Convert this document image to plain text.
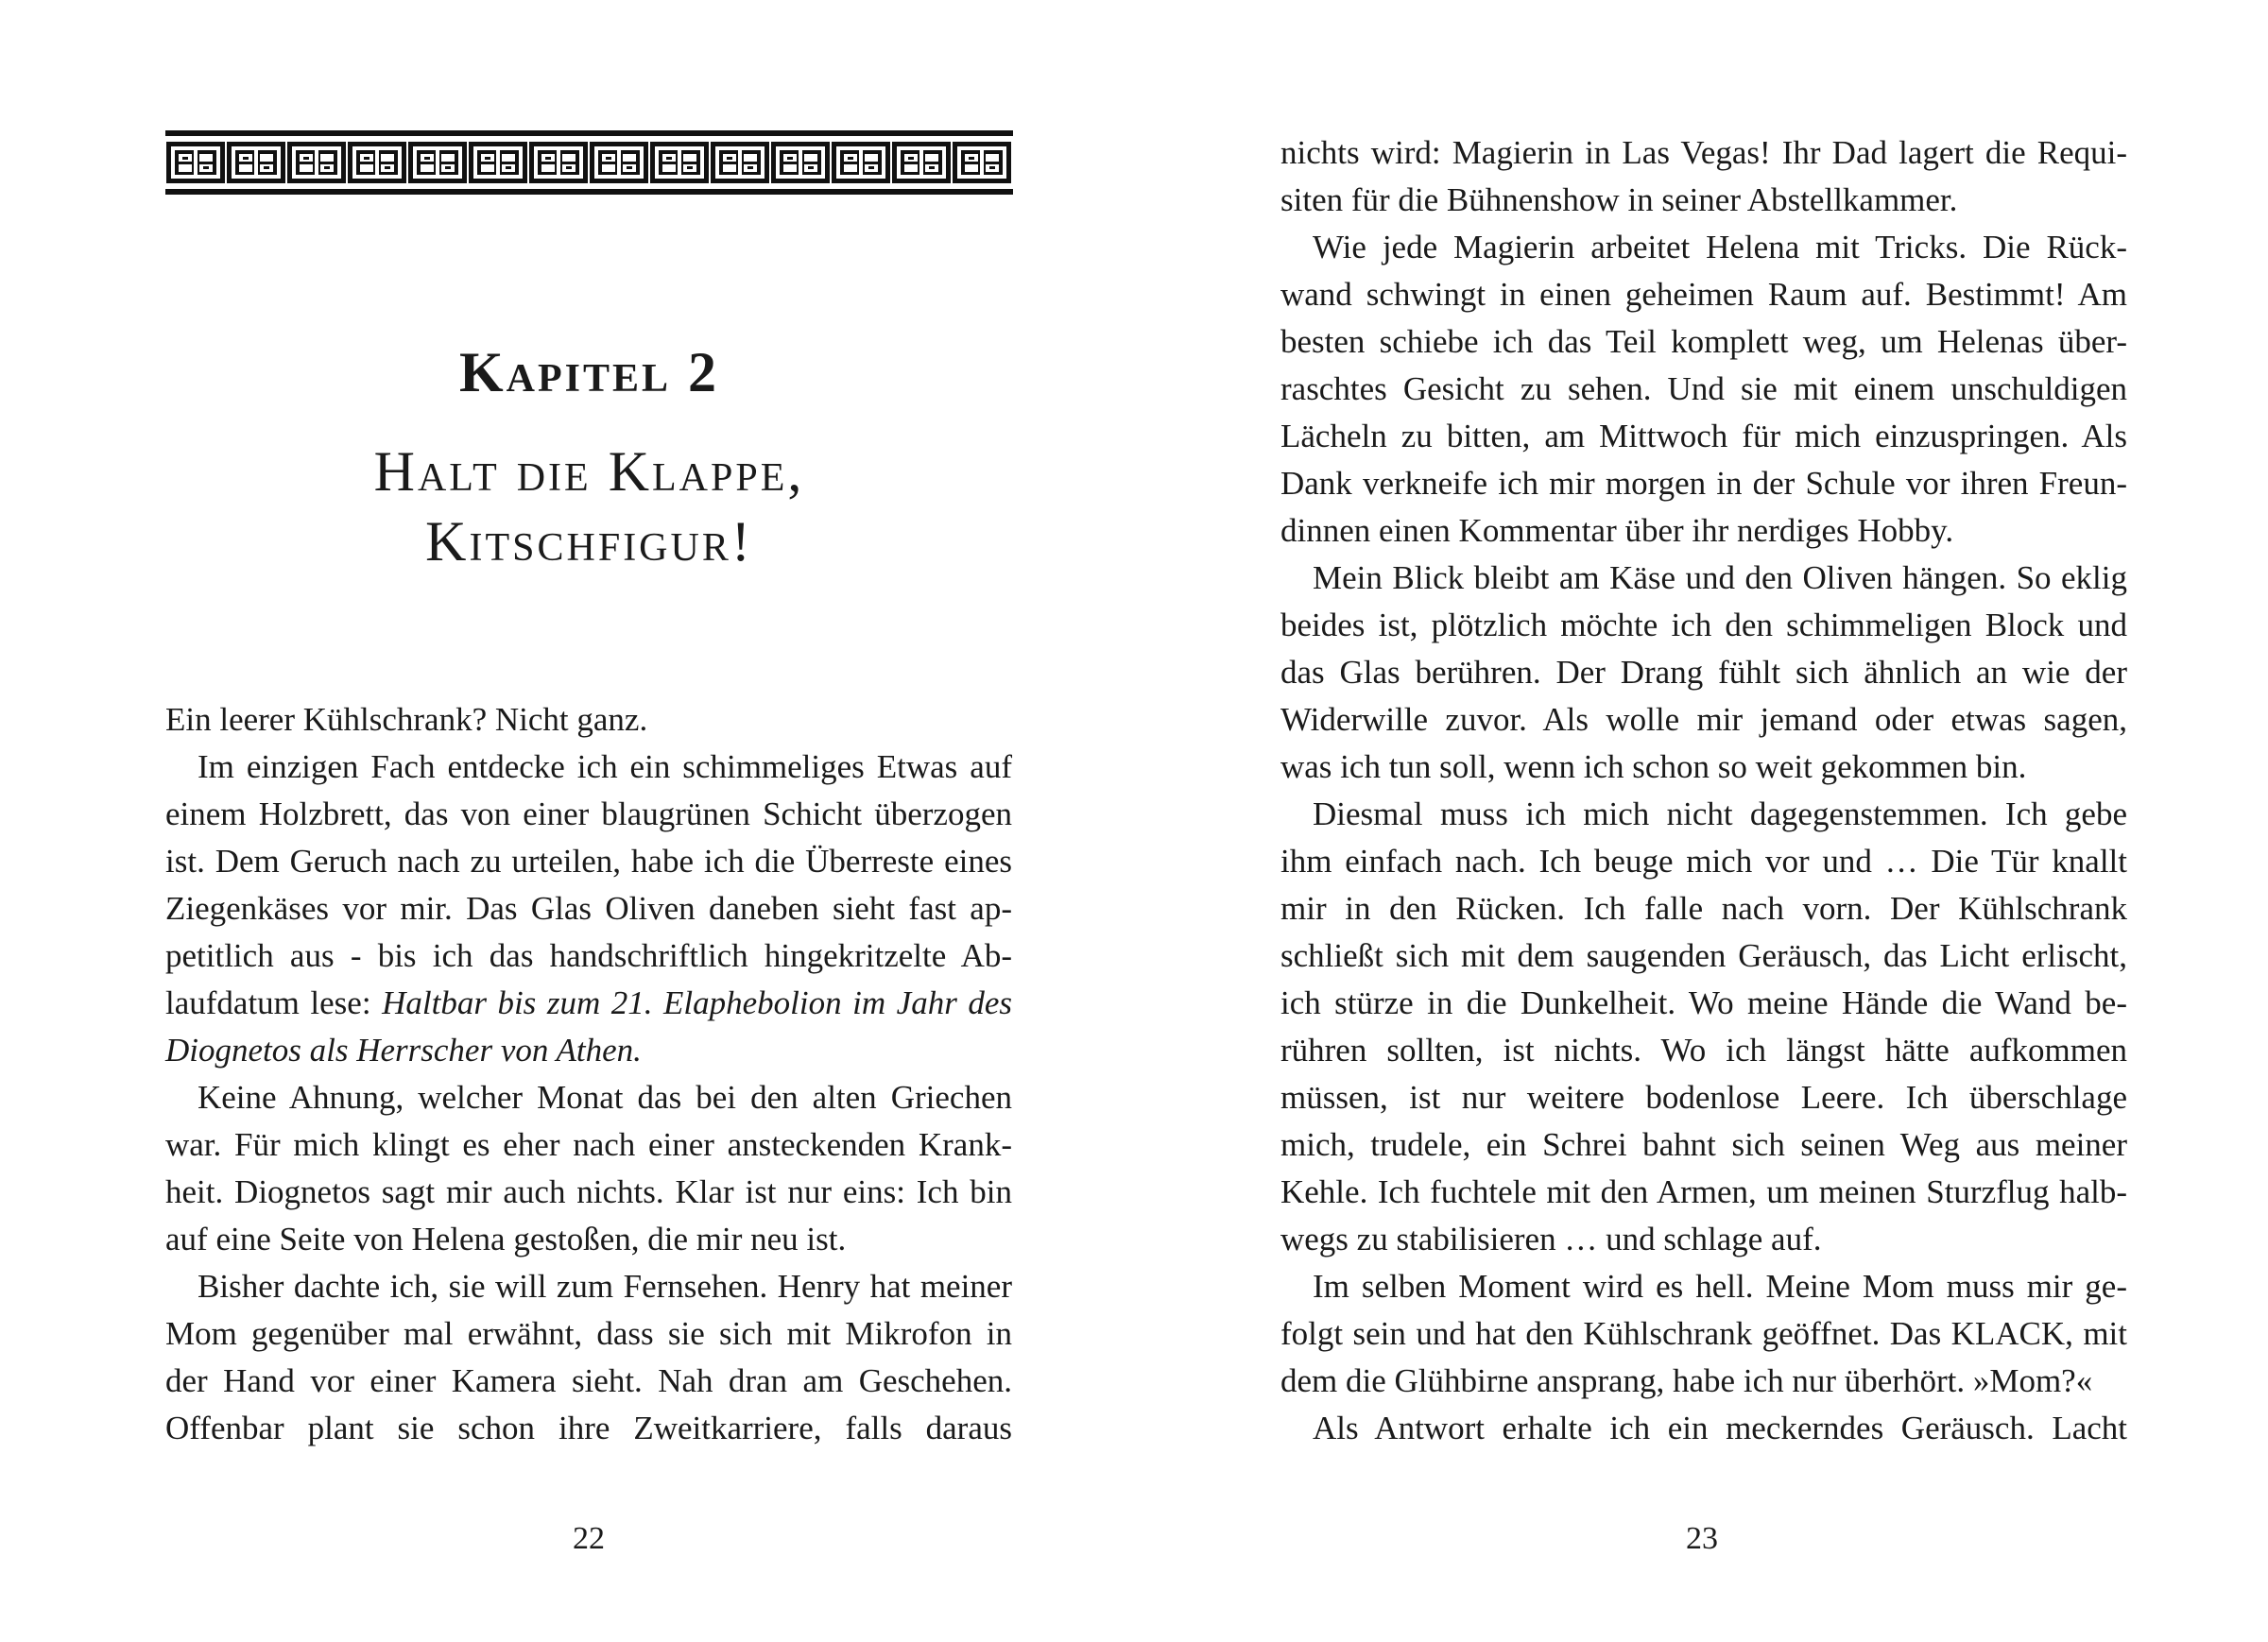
Kapitel 2
Halt die Klappe,
Kitschfigur!
Ein leerer Kühlschrank? Nicht ganz.
Im einzigen Fach entdecke ich ein schimmeliges Etwas auf
einem Holzbrett, das von einer blaugrünen Schicht überzogen
ist. Dem Geruch nach zu urteilen, habe ich die Überreste eines
Ziegenkäses vor mir. Das Glas Oliven daneben sieht fast ap-
petitlich aus - bis ich das handschriftlich hingekritzelte Ab-
laufdatum lese: Haltbar bis zum 21. Elaphebolion im Jahr des
Diognetos als Herrscher von Athen.
Keine Ahnung, welcher Monat das bei den alten Griechen
war. Für mich klingt es eher nach einer ansteckenden Krank-
heit. Diognetos sagt mir auch nichts. Klar ist nur eins: Ich bin
auf eine Seite von Helena gestoßen, die mir neu ist.
Bisher dachte ich, sie will zum Fernsehen. Henry hat meiner
Mom gegenüber mal erwähnt, dass sie sich mit Mikrofon in
der Hand vor einer Kamera sieht. Nah dran am Geschehen.
Offenbar plant sie schon ihre Zweitkarriere, falls daraus
22
nichts wird: Magierin in Las Vegas! Ihr Dad lagert die Requi-
siten für die Bühnenshow in seiner Abstellkammer.
Wie jede Magierin arbeitet Helena mit Tricks. Die Rück-
wand schwingt in einen geheimen Raum auf. Bestimmt! Am
besten schiebe ich das Teil komplett weg, um Helenas über-
raschtes Gesicht zu sehen. Und sie mit einem unschuldigen
Lächeln zu bitten, am Mittwoch für mich einzuspringen. Als
Dank verkneife ich mir morgen in der Schule vor ihren Freun-
dinnen einen Kommentar über ihr nerdiges Hobby.
Mein Blick bleibt am Käse und den Oliven hängen. So eklig
beides ist, plötzlich möchte ich den schimmeligen Block und
das Glas berühren. Der Drang fühlt sich ähnlich an wie der
Widerwille zuvor. Als wolle mir jemand oder etwas sagen,
was ich tun soll, wenn ich schon so weit gekommen bin.
Diesmal muss ich mich nicht dagegenstemmen. Ich gebe
ihm einfach nach. Ich beuge mich vor und … Die Tür knallt
mir in den Rücken. Ich falle nach vorn. Der Kühlschrank
schließt sich mit dem saugenden Geräusch, das Licht erlischt,
ich stürze in die Dunkelheit. Wo meine Hände die Wand be-
rühren sollten, ist nichts. Wo ich längst hätte aufkommen
müssen, ist nur weitere bodenlose Leere. Ich überschlage
mich, trudele, ein Schrei bahnt sich seinen Weg aus meiner
Kehle. Ich fuchtele mit den Armen, um meinen Sturzflug halb-
wegs zu stabilisieren … und schlage auf.
Im selben Moment wird es hell. Meine Mom muss mir ge-
folgt sein und hat den Kühlschrank geöffnet. Das KLACK, mit
dem die Glühbirne ansprang, habe ich nur überhört. »Mom?«
Als Antwort erhalte ich ein meckerndes Geräusch. Lacht
23
